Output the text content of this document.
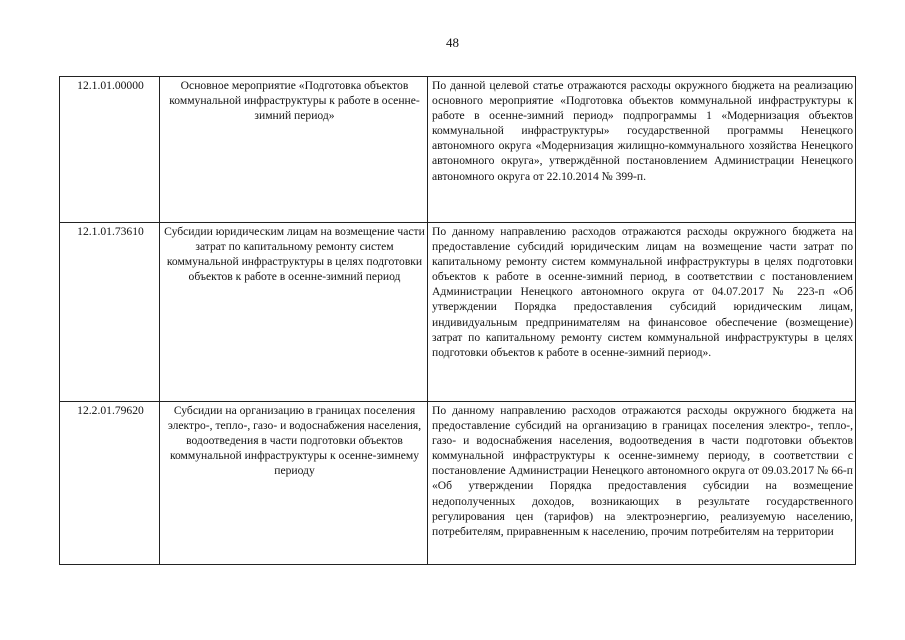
48
12.1.01.00000	Основное мероприятие «Подготовка объектов коммунальной инфраструктуры к работе в осенне-зимний период»	По данной целевой статье отражаются расходы окружного бюджета на реализацию основного мероприятие «Подготовка объектов коммунальной инфраструктуры к работе в осенне-зимний период» подпрограммы 1 «Модернизация объектов коммунальной инфраструктуры» государственной программы Ненецкого автономного округа «Модернизация жилищно-коммунального хозяйства Ненецкого автономного округа», утверждённой постановлением Администрации Ненецкого автономного округа от 22.10.2014 № 399-п.
12.1.01.73610	Субсидии юридическим лицам на возмещение части затрат по капитальному ремонту систем коммунальной инфраструктуры в целях подготовки объектов к работе в осенне-зимний период	По данному направлению расходов отражаются расходы окружного бюджета на предоставление субсидий юридическим лицам на возмещение части затрат по капитальному ремонту систем коммунальной инфраструктуры в целях подготовки объектов к работе в осенне-зимний период, в соответствии с постановлением Администрации Ненецкого автономного округа от 04.07.2017 № 223-п «Об утверждении Порядка предоставления субсидий юридическим лицам, индивидуальным предпринимателям на финансовое обеспечение (возмещение) затрат по капитальному ремонту систем коммунальной инфраструктуры в целях подготовки объектов к работе в осенне-зимний период».
12.2.01.79620	Субсидии на организацию в границах поселения электро-, тепло-, газо- и водоснабжения населения, водоотведения в части подготовки объектов коммунальной инфраструктуры к осенне-зимнему периоду	По данному направлению расходов отражаются расходы окружного бюджета на предоставление субсидий на организацию в границах поселения электро-, тепло-, газо- и водоснабжения населения, водоотведения в части подготовки объектов коммунальной инфраструктуры к осенне-зимнему периоду, в соответствии с постановление Администрации Ненецкого автономного округа от 09.03.2017 № 66-п «Об утверждении Порядка предоставления субсидии на возмещение недополученных доходов, возникающих в результате государственного регулирования цен (тарифов) на электроэнергию, реализуемую населению, потребителям, приравненным к населению, прочим потребителям на территории
